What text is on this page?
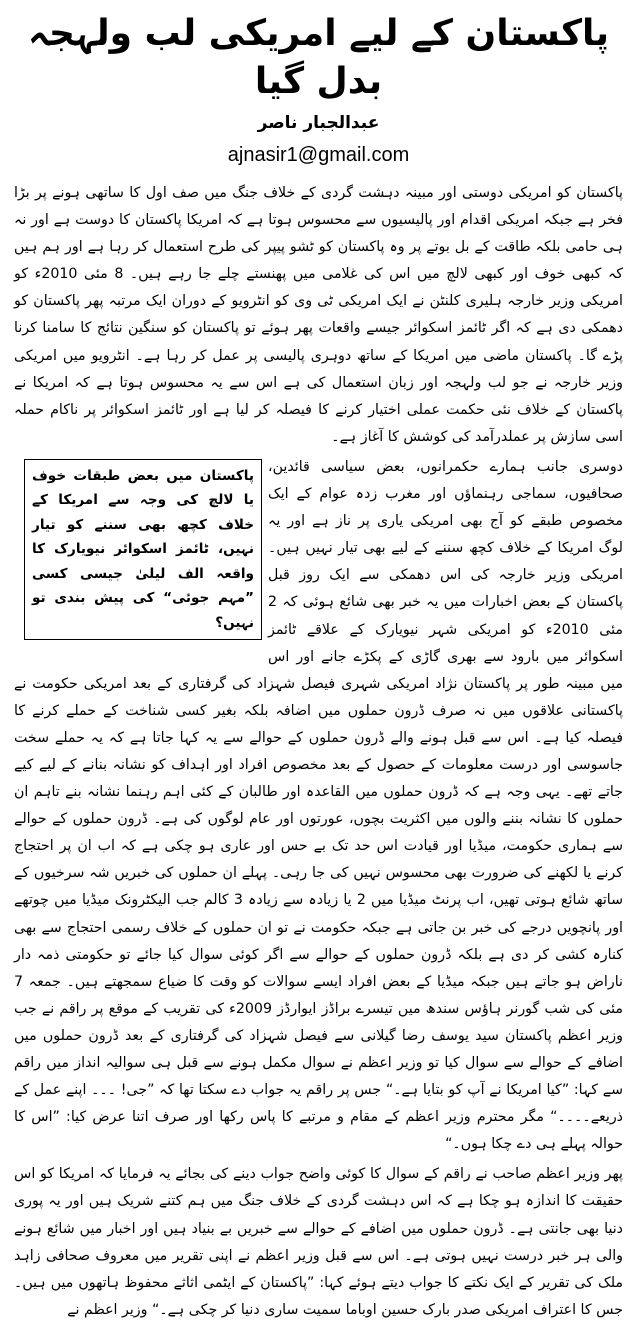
پاکستان کے لیے امریکی لب ولہجہ بدل گیا
عبدالجبار ناصر
ajnasir1@gmail.com

پاکستان کو امریکی دوستی اور مبینہ دہشت گردی کے خلاف جنگ میں صف اول کا ساتھی ہونے پر بڑا فخر ہے جبکہ امریکی اقدام اور پالیسیوں سے محسوس ہوتا ہے کہ امریکا پاکستان کا دوست ہے اور نہ ہی حامی بلکہ طاقت کے بل بوتے پر وہ پاکستان کو ٹشو پیپر کی طرح استعمال کر رہا ہے اور ہم ہیں کہ کبھی خوف اور کبھی لالچ میں اس کی غلامی میں پھنستے چلے جا رہے ہیں۔ 8 مئی 2010ء کو امریکی وزیر خارجہ ہلیری کلنٹن نے ایک امریکی ٹی وی کو انٹرویو کے دوران ایک مرتبہ پھر پاکستان کو دھمکی دی ہے کہ اگر ٹائمز اسکوائر جیسے واقعات پھر ہوئے تو پاکستان کو سنگین نتائج کا سامنا کرنا پڑے گا۔ پاکستان ماضی میں امریکا کے ساتھ دوہری پالیسی پر عمل کر رہا ہے۔ انٹرویو میں امریکی وزیر خارجہ نے جو لب ولہجہ اور زبان استعمال کی ہے اس سے یہ محسوس ہوتا ہے کہ امریکا نے پاکستان کے خلاف نئی حکمت عملی اختیار کرنے کا فیصلہ کر لیا ہے اور ٹائمز اسکوائر پر ناکام حملہ اسی سازش پر عملدرآمد کی کوشش کا آغاز ہے۔

پاکستان میں بعض طبقات خوف یا لالچ کی وجہ سے امریکا کے خلاف کچھ بھی سننے کو تیار نہیں، ٹائمز اسکوائر نیویارک کا واقعہ الف لیلیٰ جیسی کسی ”مہم جوئی“ کی پیش بندی تو نہیں؟

دوسری جانب ہمارے حکمرانوں، بعض سیاسی قائدین، صحافیوں، سماجی رہنماؤں اور مغرب زدہ عوام کے ایک مخصوص طبقے کو آج بھی امریکی یاری پر ناز ہے اور یہ لوگ امریکا کے خلاف کچھ سننے کے لیے بھی تیار نہیں ہیں۔ امریکی وزیر خارجہ کی اس دھمکی سے ایک روز قبل پاکستان کے بعض اخبارات میں یہ خبر بھی شائع ہوئی کہ 2 مئی 2010ء کو امریکی شہر نیویارک کے علاقے ٹائمز اسکوائر میں بارود سے بھری گاڑی کے پکڑے جانے اور اس میں مبینہ طور پر پاکستان نژاد امریکی شہری فیصل شہزاد کی گرفتاری کے بعد امریکی حکومت نے پاکستانی علاقوں میں نہ صرف ڈرون حملوں میں اضافہ بلکہ بغیر کسی شناخت کے حملے کرنے کا فیصلہ کیا ہے۔ اس سے قبل ہونے والے ڈرون حملوں کے حوالے سے یہ کہا جاتا ہے کہ یہ حملے سخت جاسوسی اور درست معلومات کے حصول کے بعد مخصوص افراد اور اہداف کو نشانہ بنانے کے لیے کیے جاتے تھے۔ یہی وجہ ہے کہ ڈرون حملوں میں القاعدہ اور طالبان کے کئی اہم رہنما نشانہ بنے تاہم ان حملوں کا نشانہ بننے والوں میں اکثریت بچوں، عورتوں اور عام لوگوں کی ہے۔ ڈرون حملوں کے حوالے سے ہماری حکومت، میڈیا اور قیادت اس حد تک بے حس اور عاری ہو چکی ہے کہ اب ان پر احتجاج کرنے یا لکھنے کی ضرورت بھی محسوس نہیں کی جا رہی۔ پہلے ان حملوں کی خبریں شہ سرخیوں کے ساتھ شائع ہوتی تھیں، اب پرنٹ میڈیا میں 2 یا زیادہ سے زیادہ 3 کالم جب الیکٹرونک میڈیا میں چوتھے اور پانچویں درجے کی خبر بن جاتی ہے جبکہ حکومت نے تو ان حملوں کے خلاف رسمی احتجاج سے بھی کنارہ کشی کر دی ہے بلکہ ڈرون حملوں کے حوالے سے اگر کوئی سوال کیا جائے تو حکومتی ذمہ دار ناراض ہو جاتے ہیں جبکہ میڈیا کے بعض افراد ایسے سوالات کو وقت کا ضیاع سمجھتے ہیں۔ جمعہ 7 مئی کی شب گورنر ہاؤس سندھ میں تیسرے براڈز ایوارڈز 2009ء کی تقریب کے موقع پر راقم نے جب وزیر اعظم پاکستان سید یوسف رضا گیلانی سے فیصل شہزاد کی گرفتاری کے بعد ڈرون حملوں میں اضافے کے حوالے سے سوال کیا تو وزیر اعظم نے سوال مکمل ہونے سے قبل ہی سوالیہ انداز میں راقم سے کہا: ”کیا امریکا نے آپ کو بتایا ہے۔“ جس پر راقم یہ جواب دے سکتا تھا کہ ”جی! ۔۔۔ اپنے عمل کے ذریعے۔۔۔۔“ مگر محترم وزیر اعظم کے مقام و مرتبے کا پاس رکھا اور صرف اتنا عرض کیا: ”اس کا حوالہ پہلے ہی دے چکا ہوں۔“

پھر وزیر اعظم صاحب نے راقم کے سوال کا کوئی واضح جواب دینے کی بجائے یہ فرمایا کہ امریکا کو اس حقیقت کا اندازہ ہو چکا ہے کہ اس دہشت گردی کے خلاف جنگ میں ہم کتنے شریک ہیں اور یہ پوری دنیا بھی جانتی ہے۔ ڈرون حملوں میں اضافے کے حوالے سے خبریں بے بنیاد ہیں اور اخبار میں شائع ہونے والی ہر خبر درست نہیں ہوتی ہے۔ اس سے قبل وزیر اعظم نے اپنی تقریر میں معروف صحافی زاہد ملک کی تقریر کے ایک نکتے کا جواب دیتے ہوئے کہا: ”پاکستان کے ایٹمی اثاثے محفوظ ہاتھوں میں ہیں۔ جس کا اعتراف امریکی صدر بارک حسین اوباما سمیت ساری دنیا کر چکی ہے۔“ وزیر اعظم نے
